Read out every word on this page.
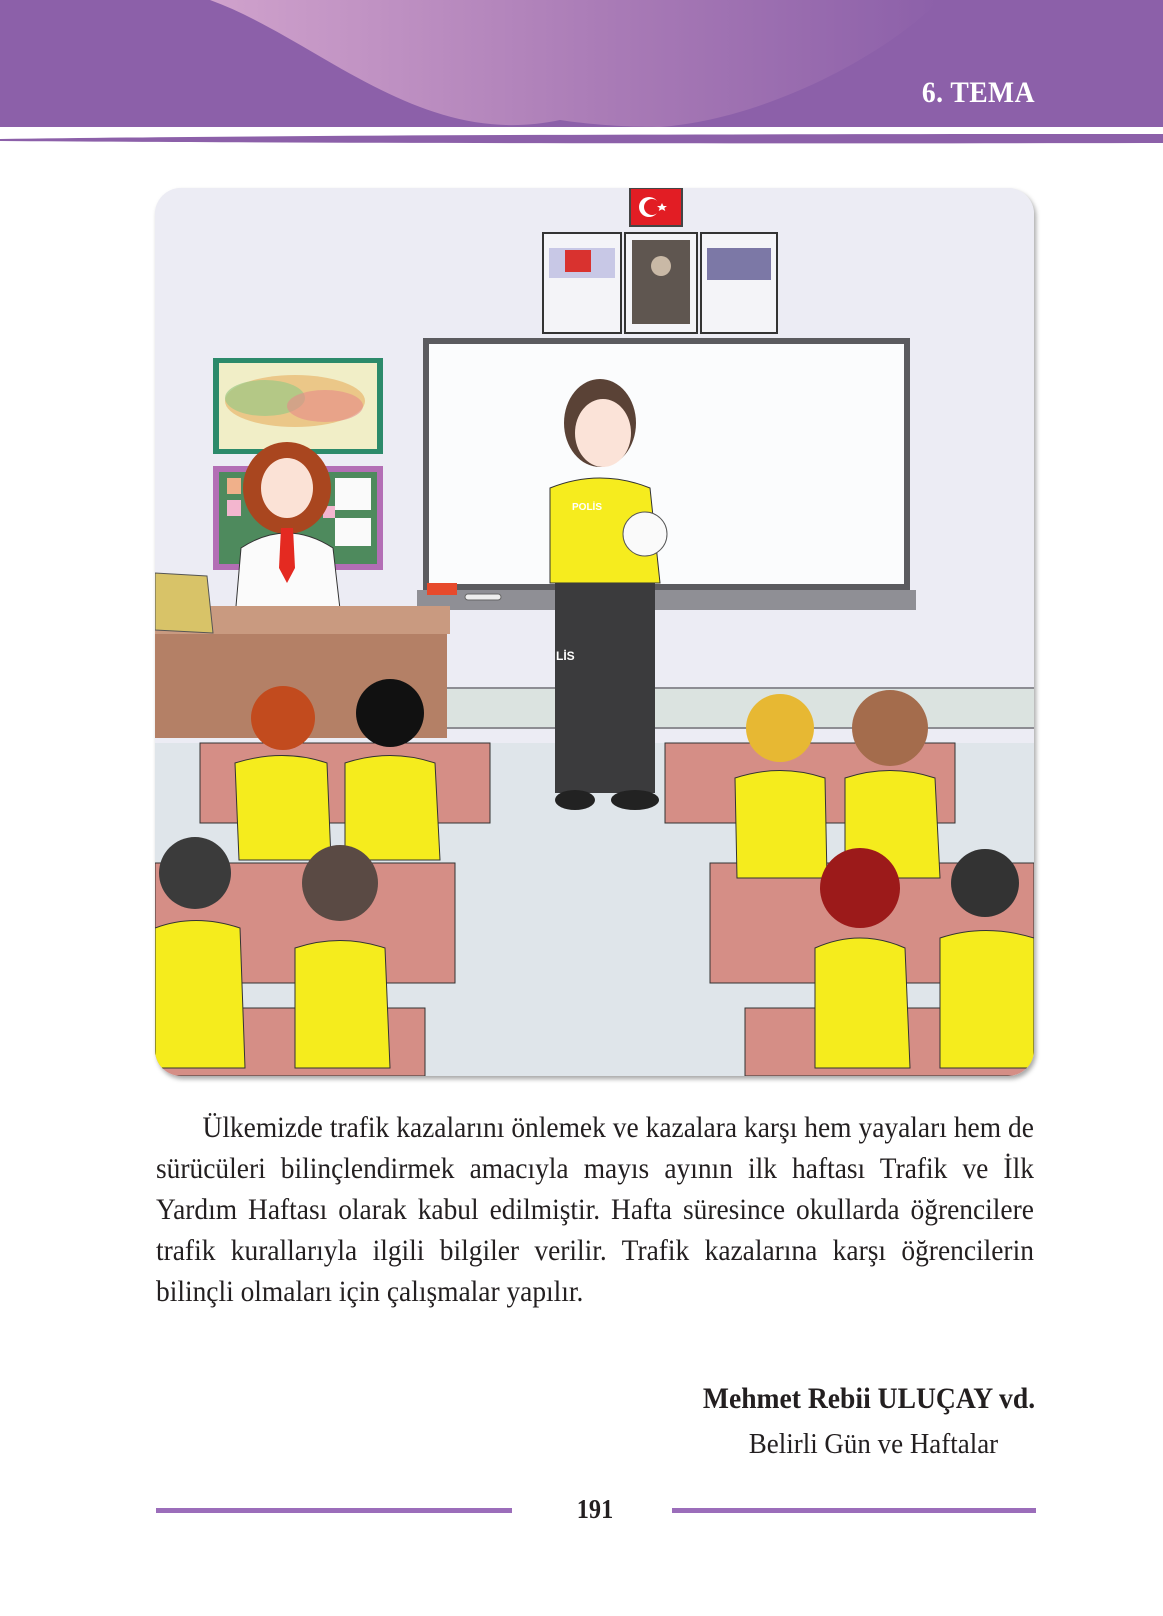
6. TEMA
POLİS
LİS

Ülkemizde trafik kazalarını önlemek ve kazalara karşı hem yayaları hem de sürücüleri bilinçlendirmek amacıyla mayıs ayının ilk haftası Trafik ve İlk Yardım Haftası olarak kabul edilmiştir. Hafta süresince okullarda öğrencilere trafik kurallarıyla ilgili bilgiler verilir. Trafik kazalarına karşı öğrencilerin bilinçli olmaları için çalışmalar yapılır.

Mehmet Rebii ULUÇAY vd.
Belirli Gün ve Haftalar
191
